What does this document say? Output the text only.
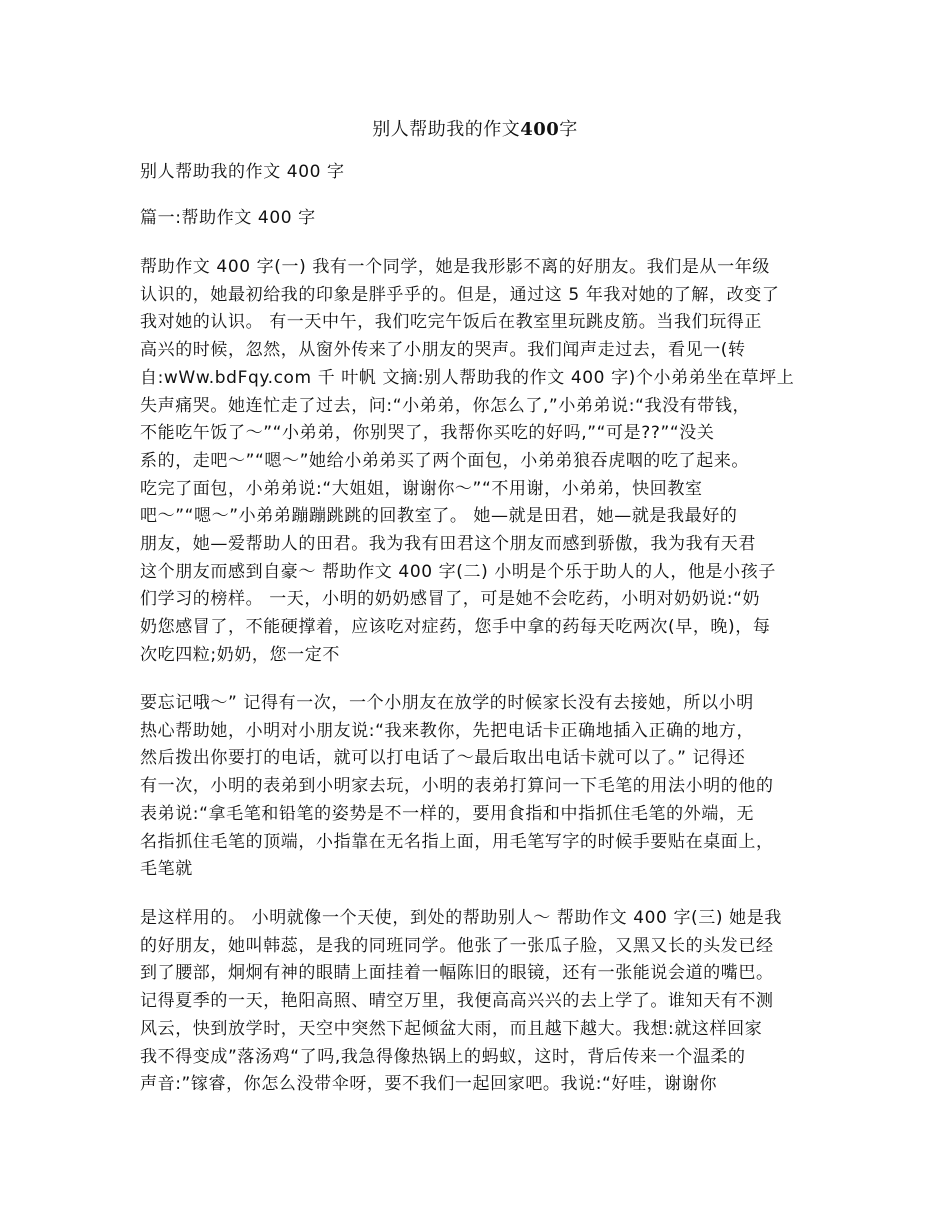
别人帮助我的作文400字
别人帮助我的作文 400 字
篇一:帮助作文 400 字
帮助作文 400 字(一) 我有一个同学，她是我形影不离的好朋友。我们是从一年级
认识的，她最初给我的印象是胖乎乎的。但是，通过这 5 年我对她的了解，改变了
我对她的认识。 有一天中午，我们吃完午饭后在教室里玩跳皮筋。当我们玩得正
高兴的时候，忽然，从窗外传来了小朋友的哭声。我们闻声走过去，看见一(转
自:wWw.bdFqy.com 千 叶帆 文摘:别人帮助我的作文 400 字)个小弟弟坐在草坪上
失声痛哭。她连忙走了过去，问:“小弟弟，你怎么了,”小弟弟说:“我没有带钱，
不能吃午饭了～”“小弟弟，你别哭了，我帮你买吃的好吗,”“可是??”“没关
系的，走吧～”“嗯～”她给小弟弟买了两个面包，小弟弟狼吞虎咽的吃了起来。
吃完了面包，小弟弟说:“大姐姐，谢谢你～”“不用谢，小弟弟，快回教室
吧～”“嗯～”小弟弟蹦蹦跳跳的回教室了。 她—就是田君，她—就是我最好的
朋友，她—爱帮助人的田君。我为我有田君这个朋友而感到骄傲，我为我有天君
这个朋友而感到自豪～ 帮助作文 400 字(二) 小明是个乐于助人的人，他是小孩子
们学习的榜样。 一天，小明的奶奶感冒了，可是她不会吃药，小明对奶奶说:“奶
奶您感冒了，不能硬撑着，应该吃对症药，您手中拿的药每天吃两次(早，晚)，每
次吃四粒;奶奶，您一定不
要忘记哦～” 记得有一次，一个小朋友在放学的时候家长没有去接她，所以小明
热心帮助她，小明对小朋友说:“我来教你，先把电话卡正确地插入正确的地方，
然后拨出你要打的电话，就可以打电话了～最后取出电话卡就可以了。” 记得还
有一次，小明的表弟到小明家去玩，小明的表弟打算问一下毛笔的用法小明的他的
表弟说:“拿毛笔和铅笔的姿势是不一样的，要用食指和中指抓住毛笔的外端，无
名指抓住毛笔的顶端，小指靠在无名指上面，用毛笔写字的时候手要贴在桌面上，
毛笔就
是这样用的。 小明就像一个天使，到处的帮助别人～ 帮助作文 400 字(三) 她是我
的好朋友，她叫韩蕊，是我的同班同学。他张了一张瓜子脸，又黑又长的头发已经
到了腰部，炯炯有神的眼睛上面挂着一幅陈旧的眼镜，还有一张能说会道的嘴巴。
记得夏季的一天，艳阳高照、晴空万里，我便高高兴兴的去上学了。谁知天有不测
风云，快到放学时，天空中突然下起倾盆大雨，而且越下越大。我想:就这样回家
我不得变成”落汤鸡“了吗,我急得像热锅上的蚂蚁，这时，背后传来一个温柔的
声音:”镓睿，你怎么没带伞呀，要不我们一起回家吧。我说:“好哇，谢谢你
